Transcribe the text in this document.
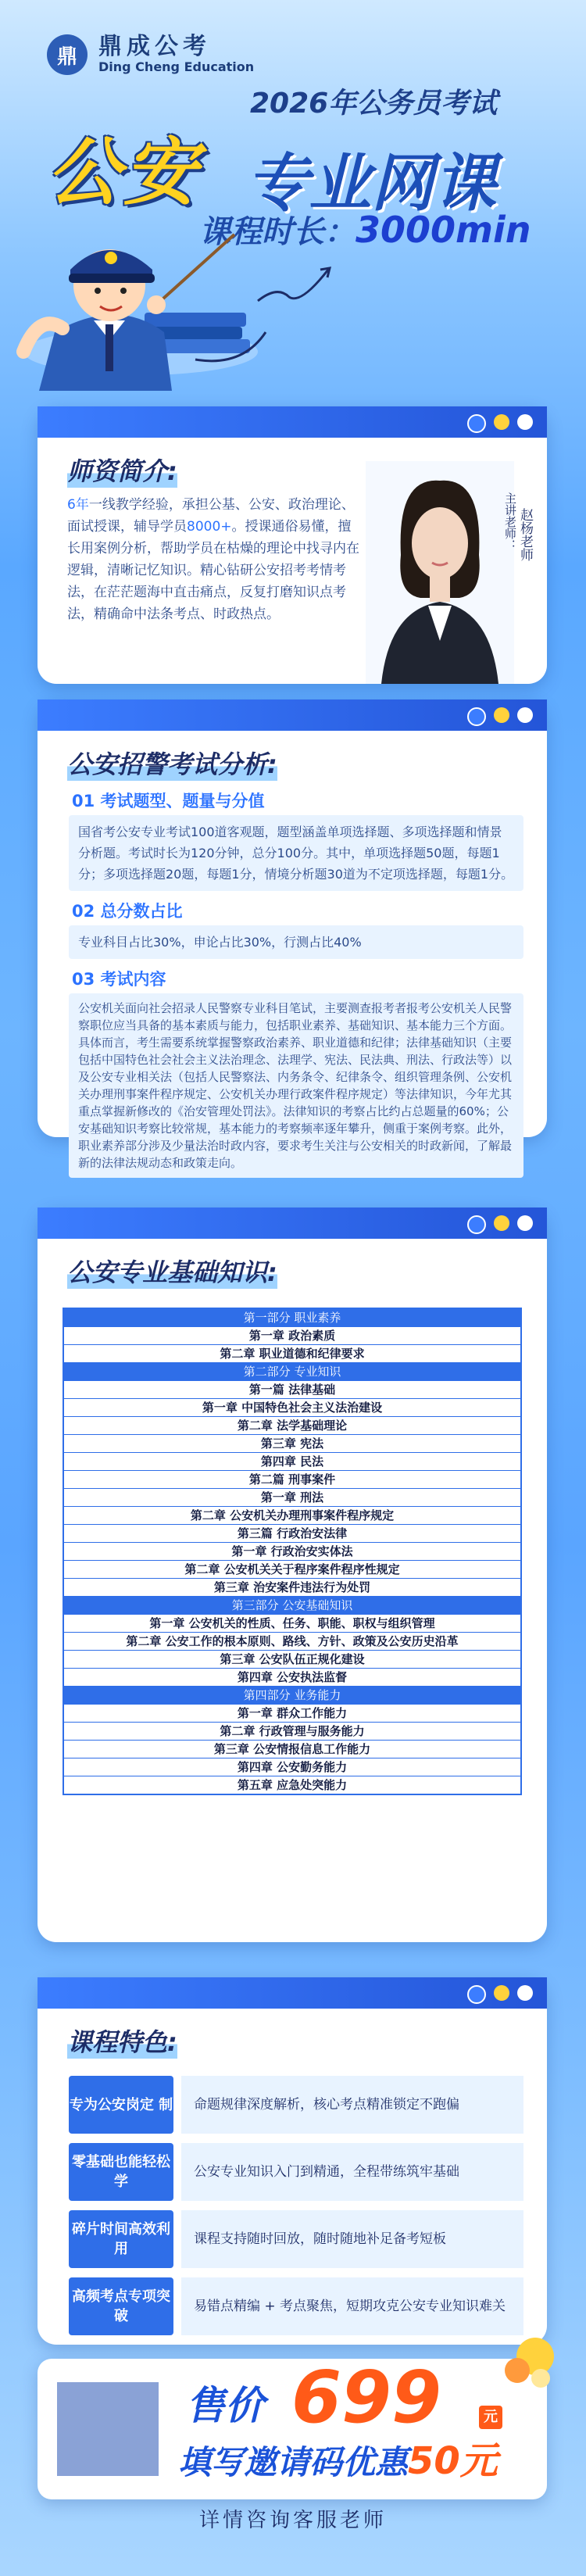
鼎 鼎成公考
Ding Cheng Education
2026年公务员考试
公安 专业网课
课程时长：3000min
师资简介:
6年一线教学经验，承担公基、公安、政治理论、面试授课，辅导学员8000+。授课通俗易懂，擅长用案例分析，帮助学员在枯燥的理论中找寻内在逻辑，清晰记忆知识。精心钻研公安招考考情考法，在茫茫题海中直击痛点，反复打磨知识点考法，精确命中法条考点、时政热点。
主讲老师： 赵杨老师
公安招警考试分析:
01 考试题型、题量与分值
国省考公安专业考试100道客观题，题型涵盖单项选择题、多项选择题和情景分析题。考试时长为120分钟，总分100分。其中，单项选择题50题，每题1分；多项选择题20题，每题1分，情境分析题30道为不定项选择题，每题1分。
02 总分数占比
专业科目占比30%，申论占比30%，行测占比40%
03 考试内容
公安机关面向社会招录人民警察专业科目笔试，主要测查报考者报考公安机关人民警察职位应当具备的基本素质与能力，包括职业素养、基础知识、基本能力三个方面。具体而言，考生需要系统掌握警察政治素养、职业道德和纪律；法律基础知识（主要包括中国特色社会社会主义法治理念、法理学、宪法、民法典、刑法、行政法等）以及公安专业相关法（包括人民警察法、内务条令、纪律条令、组织管理条例、公安机关办理刑事案件程序规定、公安机关办理行政案件程序规定）等法律知识，今年尤其重点掌握新修改的《治安管理处罚法》。法律知识的考察占比约占总题量的60%；公安基础知识考察比较常规，基本能力的考察频率逐年攀升，侧重于案例考察。此外，职业素养部分涉及少量法治时政内容，要求考生关注与公安相关的时政新闻，了解最新的法律法规动态和政策走向。
公安专业基础知识:
第一部分 职业素养
第一章 政治素质
第二章 职业道德和纪律要求
第二部分 专业知识
第一篇 法律基础
第一章 中国特色社会主义法治建设
第二章 法学基础理论
第三章 宪法
第四章 民法
第二篇 刑事案件
第一章 刑法
第二章 公安机关办理刑事案件程序规定
第三篇 行政治安法律
第一章 行政治安实体法
第二章 公安机关关于程序案件程序性规定
第三章 治安案件违法行为处罚
第三部分 公安基础知识
第一章 公安机关的性质、任务、职能、职权与组织管理
第二章 公安工作的根本原则、路线、方针、政策及公安历史沿革
第三章 公安队伍正规化建设
第四章 公安执法监督
第四部分 业务能力
第一章 群众工作能力
第二章 行政管理与服务能力
第三章 公安情报信息工作能力
第四章 公安勤务能力
第五章 应急处突能力
课程特色:
专为公安岗定 制	命题规律深度解析，核心考点精准锁定不跑偏
零基础也能轻松学
公安专业知识入门到精通，全程带练筑牢基础
碎片时间高效利用
课程支持随时回放，随时随地补足备考短板
高频考点专项突破
易错点精编 + 考点聚焦，短期攻克公安专业知识难关
售价 699	元
填写邀请码优惠50元
详情咨询客服老师
